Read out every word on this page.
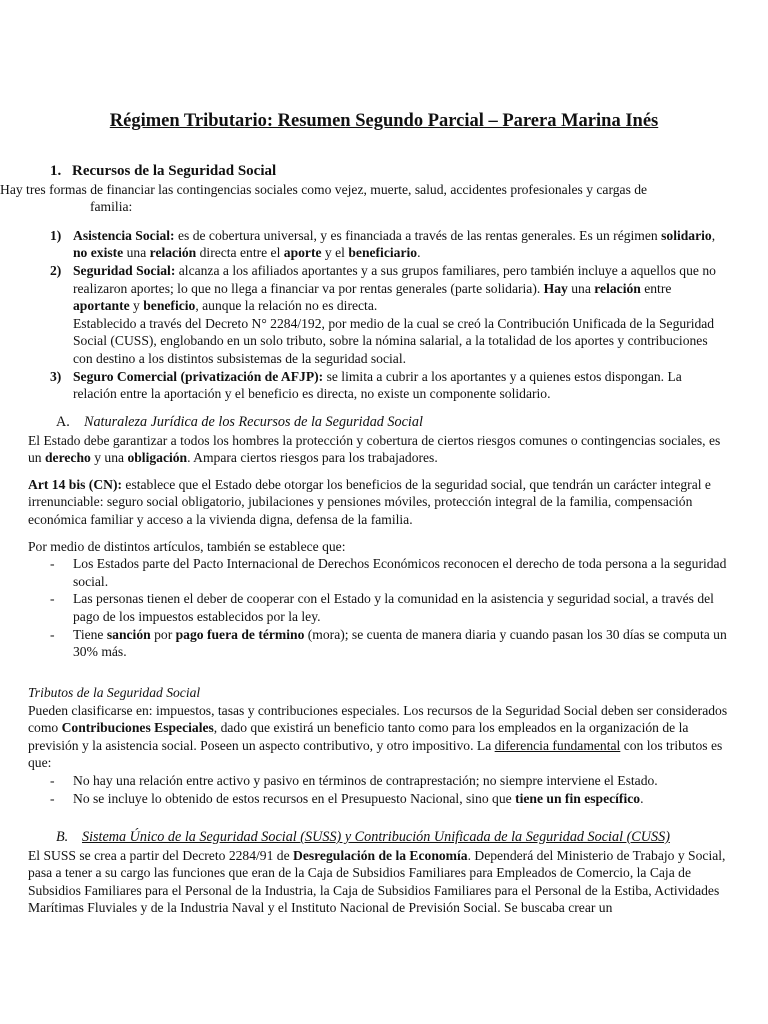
Régimen Tributario: Resumen Segundo Parcial – Parera Marina Inés
1. Recursos de la Seguridad Social
Hay tres formas de financiar las contingencias sociales como vejez, muerte, salud, accidentes profesionales y cargas de
familia:
1) Asistencia Social: es de cobertura universal, y es financiada a través de las rentas generales. Es un régimen solidario,
no existe una relación directa entre el aporte y el beneficiario.
2) Seguridad Social: alcanza a los afiliados aportantes y a sus grupos familiares, pero también incluye a aquellos que no realizaron aportes; lo que no llega a financiar va por rentas generales (parte solidaria). Hay una relación entre aportante y beneficio, aunque la relación no es directa.
Establecido a través del Decreto N° 2284/192, por medio de la cual se creó la Contribución Unificada de la Seguridad Social (CUSS), englobando en un solo tributo, sobre la nómina salarial, a la totalidad de los aportes y contribuciones con destino a los distintos subsistemas de la seguridad social.
3) Seguro Comercial (privatización de AFJP): se limita a cubrir a los aportantes y a quienes estos dispongan. La relación entre la aportación y el beneficio es directa, no existe un componente solidario.
A. Naturaleza Jurídica de los Recursos de la Seguridad Social
El Estado debe garantizar a todos los hombres la protección y cobertura de ciertos riesgos comunes o contingencias sociales, es un derecho y una obligación. Ampara ciertos riesgos para los trabajadores.
Art 14 bis (CN): establece que el Estado debe otorgar los beneficios de la seguridad social, que tendrán un carácter integral e irrenunciable: seguro social obligatorio, jubilaciones y pensiones móviles, protección integral de la familia, compensación económica familiar y acceso a la vivienda digna, defensa de la familia.
Por medio de distintos artículos, también se establece que:
- Los Estados parte del Pacto Internacional de Derechos Económicos reconocen el derecho de toda persona a la seguridad social.
- Las personas tienen el deber de cooperar con el Estado y la comunidad en la asistencia y seguridad social, a través del pago de los impuestos establecidos por la ley.
- Tiene sanción por pago fuera de término (mora); se cuenta de manera diaria y cuando pasan los 30 días se computa un 30% más.
Tributos de la Seguridad Social
Pueden clasificarse en: impuestos, tasas y contribuciones especiales. Los recursos de la Seguridad Social deben ser considerados como Contribuciones Especiales, dado que existirá un beneficio tanto como para los empleados en la organización de la previsión y la asistencia social. Poseen un aspecto contributivo, y otro impositivo. La diferencia fundamental con los tributos es que:
- No hay una relación entre activo y pasivo en términos de contraprestación; no siempre interviene el Estado.
- No se incluye lo obtenido de estos recursos en el Presupuesto Nacional, sino que tiene un fin específico.
B. Sistema Único de la Seguridad Social (SUSS) y Contribución Unificada de la Seguridad Social (CUSS)
El SUSS se crea a partir del Decreto 2284/91 de Desregulación de la Economía. Dependerá del Ministerio de Trabajo y Social, pasa a tener a su cargo las funciones que eran de la Caja de Subsidios Familiares para Empleados de Comercio, la Caja de Subsidios Familiares para el Personal de la Industria, la Caja de Subsidios Familiares para el Personal de la Estiba, Actividades Marítimas Fluviales y de la Industria Naval y el Instituto Nacional de Previsión Social. Se buscaba crear un
